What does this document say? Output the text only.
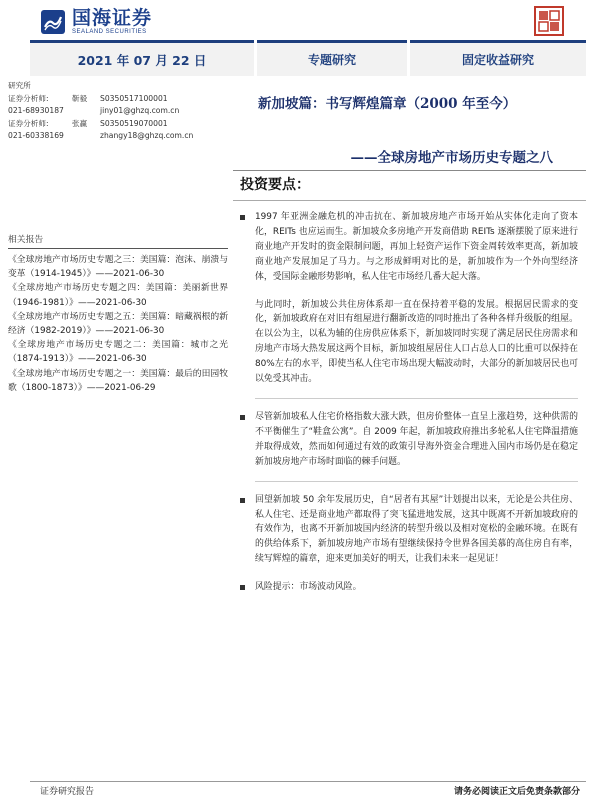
国海证券
SEALAND SECURITIES
2021 年 07 月 22 日	专题研究	固定收益研究
研究所
证券分析师:	靳毅	S0350517100001
021-68930187	jiny01@ghzq.com.cn
证券分析师:	张赢	S0350519070001
021-60338169	zhangy18@ghzq.com.cn
新加坡篇：书写辉煌篇章（2000 年至今）
——全球房地产市场历史专题之八
投资要点：
相关报告
《全球房地产市场历史专题之三：美国篇：泡沫、崩溃与变革（1914-1945）》——2021-06-30
《全球房地产市场历史专题之四：美国篇：美丽新世界（1946-1981）》——2021-06-30
《全球房地产市场历史专题之五：美国篇：暗藏祸根的新经济（1982-2019）》——2021-06-30
《全球房地产市场历史专题之二：美国篇：城市之光（1874-1913）》——2021-06-30
《全球房地产市场历史专题之一：美国篇：最后的田园牧歌（1800-1873）》——2021-06-29
1997 年亚洲金融危机的冲击抗在、新加坡房地产市场开始从实体化走向了资本化，REITs 也应运而生。新加坡众多房地产开发商借助 REITs 逐渐摆脱了原来进行商业地产开发时的资金限制问题，再加上轻资产运作下资金周转效率更高，新加坡商业地产发展加足了马力。与之形成鲜明对比的是，新加坡作为一个外向型经济体，受国际金融形势影响，私人住宅市场经几番大起大落。
与此同时，新加坡公共住房体系却一直在保持着平稳的发展。根据居民需求的变化，新加坡政府在对旧有组屋进行翻新改造的同时推出了各种各样升级版的组屋。在以公为主，以私为辅的住房供应体系下，新加坡同时实现了满足居民住房需求和房地产市场大热发展这两个目标，新加坡组屋居住人口占总人口的比重可以保持在 80%左右的水平，即使当私人住宅市场出现大幅波动时，大部分的新加坡居民也可以免受其冲击。
尽管新加坡私人住宅价格指数大涨大跌，但房价整体一直呈上涨趋势，这种供需的不平衡催生了“鞋盒公寓”。自 2009 年起，新加坡政府推出多轮私人住宅降温措施并取得成效，然而如何通过有效的政策引导海外资金合理进入国内市场仍是在稳定新加坡房地产市场时面临的棘手问题。
回望新加坡 50 余年发展历史，自“居者有其屋”计划提出以来，无论是公共住房、私人住宅、还是商业地产都取得了突飞猛进地发展，这其中既离不开新加坡政府的有效作为，也离不开新加坡国内经济的转型升级以及相对宽松的金融环境。在既有的供给体系下，新加坡房地产市场有望继续保持令世界各国美慕的高住房自有率，续写辉煌的篇章，迎来更加美好的明天，让我们未来一起见证！
风险提示：市场波动风险。
证券研究报告	请务必阅读正文后免责条款部分
